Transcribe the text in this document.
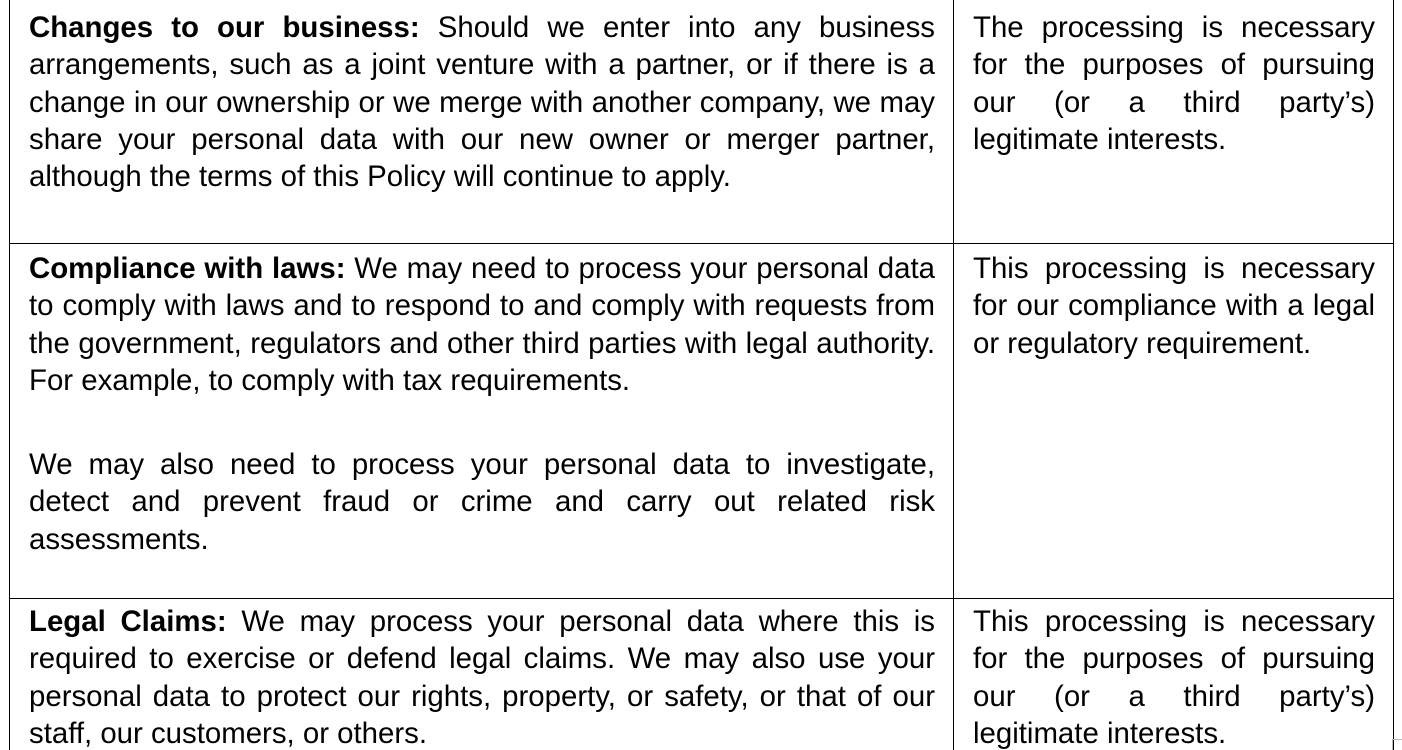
Changes to our business: Should we enter into any business arrangements, such as a joint venture with a partner, or if there is a change in our ownership or we merge with another company, we may share your personal data with our new owner or merger partner, although the terms of this Policy will continue to apply.	The processing is necessary for the purposes of pursuing our (or a third party’s) legitimate interests.

Compliance with laws: We may need to process your personal data to comply with laws and to respond to and comply with requests from the government, regulators and other third parties with legal authority. For example, to comply with tax requirements.

We may also need to process your personal data to investigate, detect and prevent fraud or crime and carry out related risk assessments.	This processing is necessary for our compliance with a legal or regulatory requirement.

Legal Claims: We may process your personal data where this is required to exercise or defend legal claims. We may also use your personal data to protect our rights, property, or safety, or that of our staff, our customers, or others.	This processing is necessary for the purposes of pursuing our (or a third party’s) legitimate interests.
